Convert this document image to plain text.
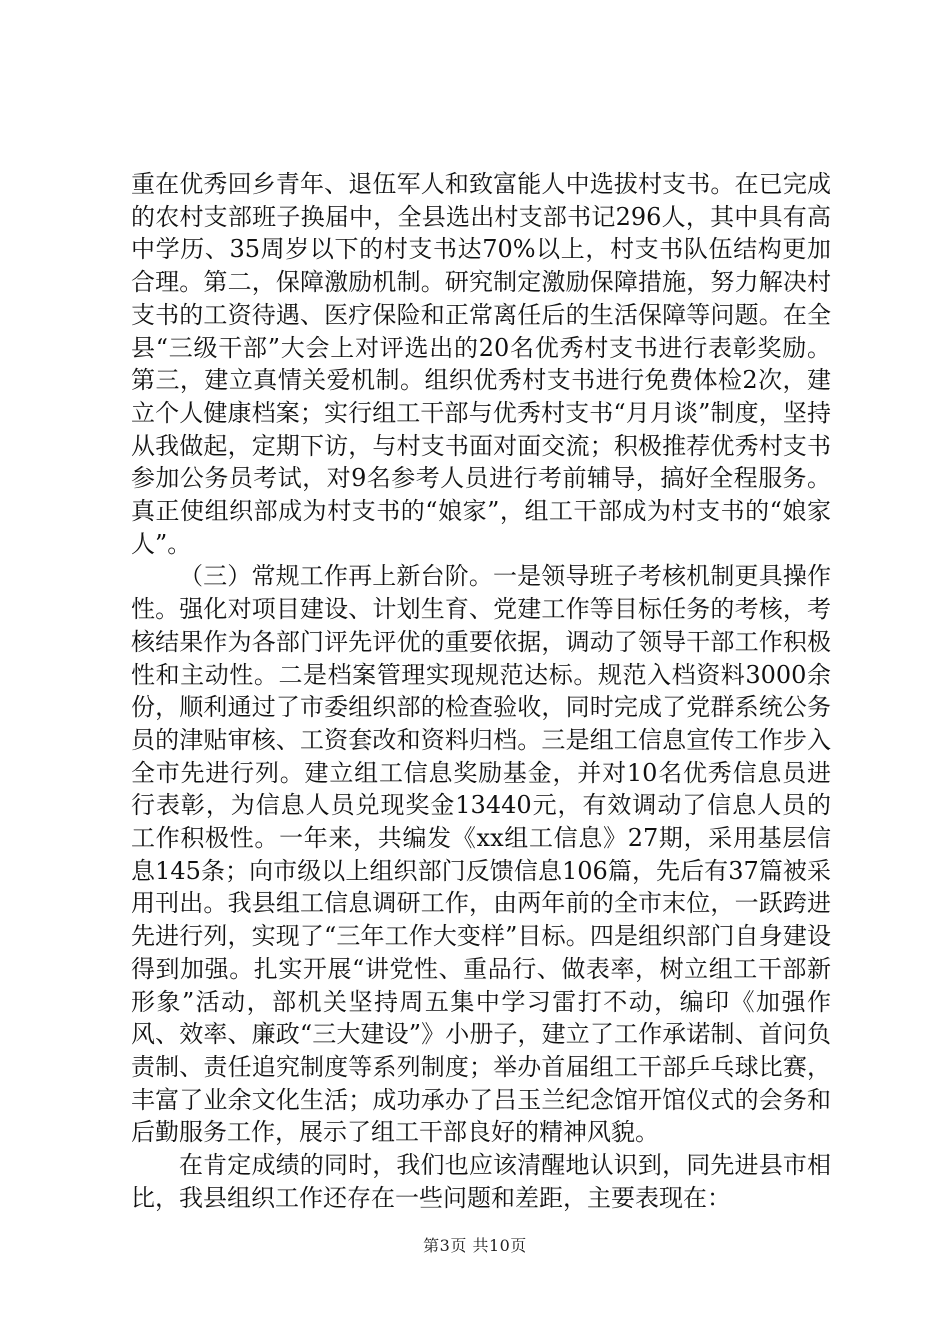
重在优秀回乡青年、退伍军人和致富能人中选拔村支书。在已完成的农村支部班子换届中，全县选出村支部书记296人，其中具有高中学历、35周岁以下的村支书达70%以上，村支书队伍结构更加合理。第二，保障激励机制。研究制定激励保障措施，努力解决村支书的工资待遇、医疗保险和正常离任后的生活保障等问题。在全县“三级干部”大会上对评选出的20名优秀村支书进行表彰奖励。第三，建立真情关爱机制。组织优秀村支书进行免费体检2次，建立个人健康档案；实行组工干部与优秀村支书“月月谈”制度，坚持从我做起，定期下访，与村支书面对面交流；积极推荐优秀村支书参加公务员考试，对9名参考人员进行考前辅导，搞好全程服务。真正使组织部成为村支书的“娘家”，组工干部成为村支书的“娘家人”。

（三）常规工作再上新台阶。一是领导班子考核机制更具操作性。强化对项目建设、计划生育、党建工作等目标任务的考核，考核结果作为各部门评先评优的重要依据，调动了领导干部工作积极性和主动性。二是档案管理实现规范达标。规范入档资料3000余份，顺利通过了市委组织部的检查验收，同时完成了党群系统公务员的津贴审核、工资套改和资料归档。三是组工信息宣传工作步入全市先进行列。建立组工信息奖励基金，并对10名优秀信息员进行表彰，为信息人员兑现奖金13440元，有效调动了信息人员的工作积极性。一年来，共编发《xx组工信息》27期，采用基层信息145条；向市级以上组织部门反馈信息106篇，先后有37篇被采用刊出。我县组工信息调研工作，由两年前的全市末位，一跃跨进先进行列，实现了“三年工作大变样”目标。四是组织部门自身建设得到加强。扎实开展“讲党性、重品行、做表率，树立组工干部新形象”活动，部机关坚持周五集中学习雷打不动，编印《加强作风、效率、廉政“三大建设”》小册子，建立了工作承诺制、首问负责制、责任追究制度等系列制度；举办首届组工干部乒乓球比赛，丰富了业余文化生活；成功承办了吕玉兰纪念馆开馆仪式的会务和后勤服务工作，展示了组工干部良好的精神风貌。

在肯定成绩的同时，我们也应该清醒地认识到，同先进县市相比，我县组织工作还存在一些问题和差距，主要表现在：

第3页 共10页
